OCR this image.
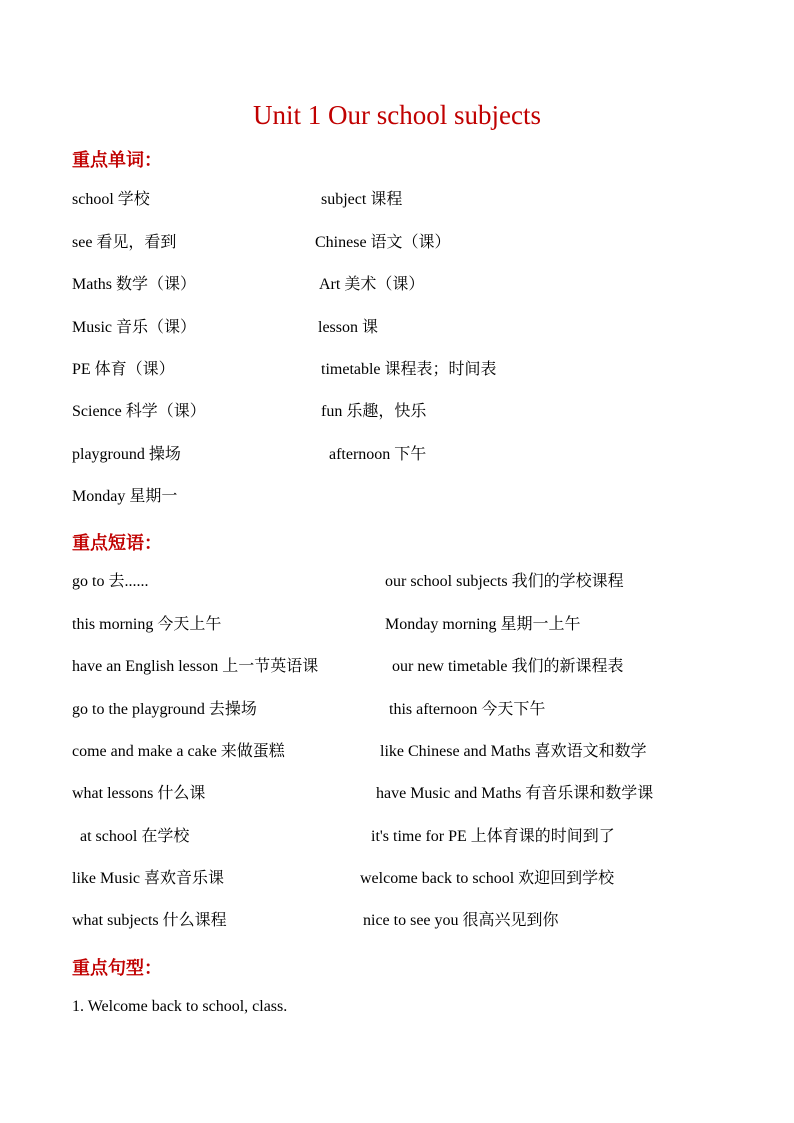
Unit 1 Our school subjects
重点单词：
school 学校	subject 课程
see 看见，看到	Chinese 语文（课）
Maths 数学（课）	Art 美术（课）
Music 音乐（课）	lesson 课
PE 体育（课）	timetable 课程表；时间表
Science 科学（课）	fun 乐趣，快乐
playground 操场	afternoon 下午
Monday 星期一
重点短语：
go to 去......	our school subjects 我们的学校课程
this morning 今天上午	Monday morning 星期一上午
have an English lesson 上一节英语课	our new timetable 我们的新课程表
go to the playground 去操场	this afternoon 今天下午
come and make a cake 来做蛋糕	like Chinese and Maths 喜欢语文和数学
what lessons 什么课	have Music and Maths 有音乐课和数学课
at school 在学校	it's time for PE 上体育课的时间到了
like Music 喜欢音乐课	welcome back to school 欢迎回到学校
what subjects 什么课程	nice to see you 很高兴见到你
重点句型：
1. Welcome back to school, class.
